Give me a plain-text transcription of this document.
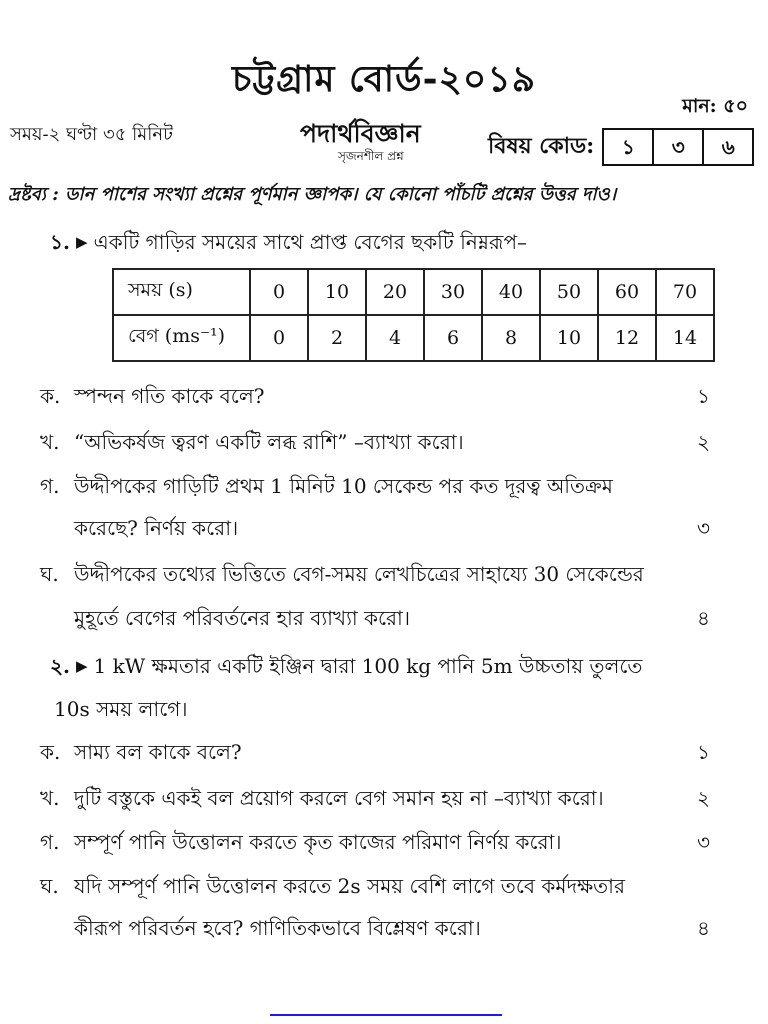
চট্টগ্রাম বোর্ড-২০১৯
মান: ৫০
সময়-২ ঘণ্টা ৩৫ মিনিট	পদার্থবিজ্ঞান
সৃজনশীল প্রশ্ন	বিষয় কোড:	১	৩	৬
দ্রষ্টব্য : ডান পাশের সংখ্যা প্রশ্নের পূর্ণমান জ্ঞাপক। যে কোনো পাঁচটি প্রশ্নের উত্তর দাও।
১. ▶ একটি গাড়ির সময়ের সাথে প্রাপ্ত বেগের ছকটি নিম্নরূপ–
সময় (s)	0	10	20	30	40	50	60	70
বেগ (ms⁻¹)	0	2	4	6	8	10	12	14
ক. স্পন্দন গতি কাকে বলে?	১
খ. “অভিকর্ষজ ত্বরণ একটি লব্ধ রাশি” –ব্যাখ্যা করো।	২
গ. উদ্দীপকের গাড়িটি প্রথম 1 মিনিট 10 সেকেন্ড পর কত দূরত্ব অতিক্রম
করেছে? নির্ণয় করো।	৩
ঘ. উদ্দীপকের তথ্যের ভিত্তিতে বেগ-সময় লেখচিত্রের সাহায্যে 30 সেকেন্ডের
মুহূর্তে বেগের পরিবর্তনের হার ব্যাখ্যা করো।	৪
২. ▶ 1 kW ক্ষমতার একটি ইঞ্জিন দ্বারা 100 kg পানি 5m উচ্চতায় তুলতে
10s সময় লাগে।
ক. সাম্য বল কাকে বলে?	১
খ. দুটি বস্তুকে একই বল প্রয়োগ করলে বেগ সমান হয় না –ব্যাখ্যা করো।	২
গ. সম্পূর্ণ পানি উত্তোলন করতে কৃত কাজের পরিমাণ নির্ণয় করো।	৩
ঘ. যদি সম্পূর্ণ পানি উত্তোলন করতে 2s সময় বেশি লাগে তবে কর্মদক্ষতার
কীরূপ পরিবর্তন হবে? গাণিতিকভাবে বিশ্লেষণ করো।	৪
